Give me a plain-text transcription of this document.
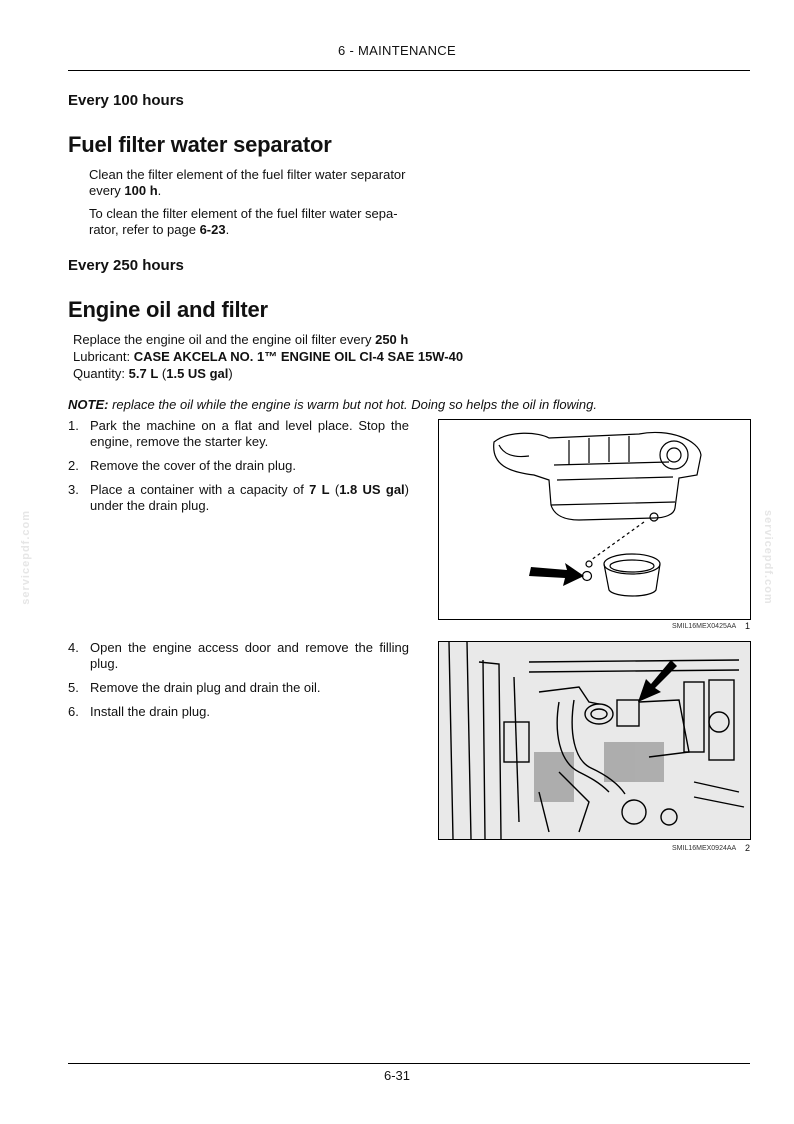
6 - MAINTENANCE
servicepdf.com	servicepdf.com
Every 100 hours
Fuel filter water separator
Clean the filter element of the fuel filter water separator every 100 h.
To clean the filter element of the fuel filter water sepa-rator, refer to page 6-23.
Every 250 hours
Engine oil and filter
Replace the engine oil and the engine oil filter every 250 h
Lubricant: CASE AKCELA NO. 1™ ENGINE OIL CI-4 SAE 15W-40
Quantity: 5.7 L (1.5 US gal)
NOTE: replace the oil while the engine is warm but not hot. Doing so helps the oil in flowing.
1. Park the machine on a flat and level place. Stop the engine, remove the starter key.
2. Remove the cover of the drain plug.
3. Place a container with a capacity of 7 L (1.8 US gal) under the drain plug.
SMIL16MEX0425AA 1
4. Open the engine access door and remove the filling plug.
5. Remove the drain plug and drain the oil.
6. Install the drain plug.
SMIL16MEX0924AA 2
6-31
